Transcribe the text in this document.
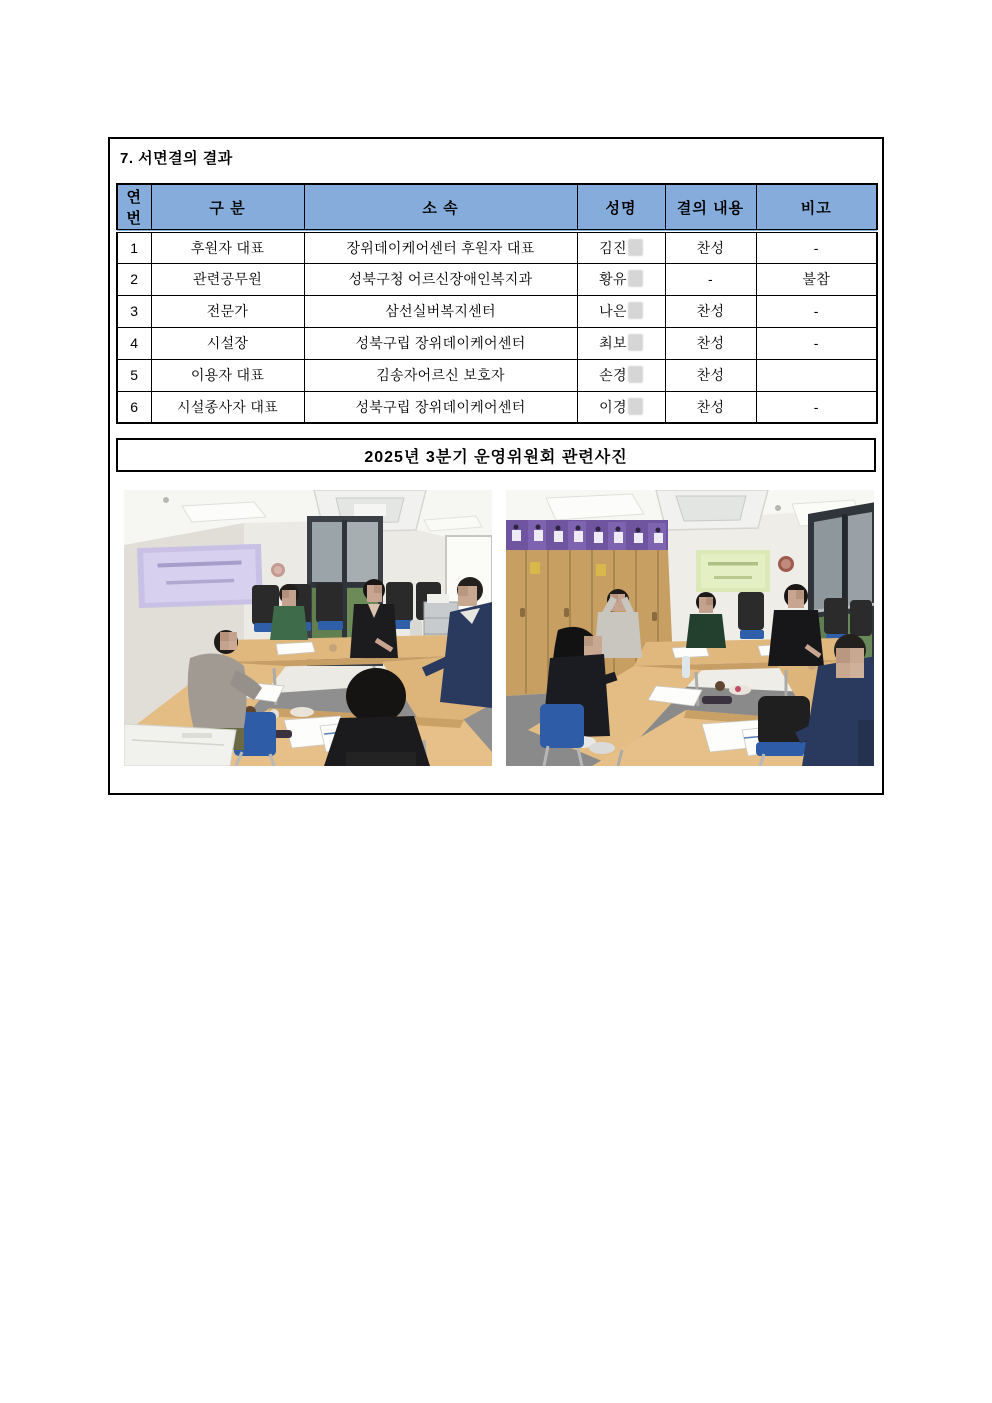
7. 서면결의 결과
연번	구 분	소 속	성명	결의 내용	비고
1	후원자 대표	장위데이케어센터 후원자 대표	김진	찬성	-
2	관련공무원	성북구청 어르신장애인복지과	황유	-	불참
3	전문가	삼선실버복지센터	나은	찬성	-
4	시설장	성북구립 장위데이케어센터	최보	찬성	-
5	이용자 대표	김송자어르신 보호자	손경	찬성	
6	시설종사자 대표	성북구립 장위데이케어센터	이경	찬성	-
2025년 3분기 운영위원회 관련사진
